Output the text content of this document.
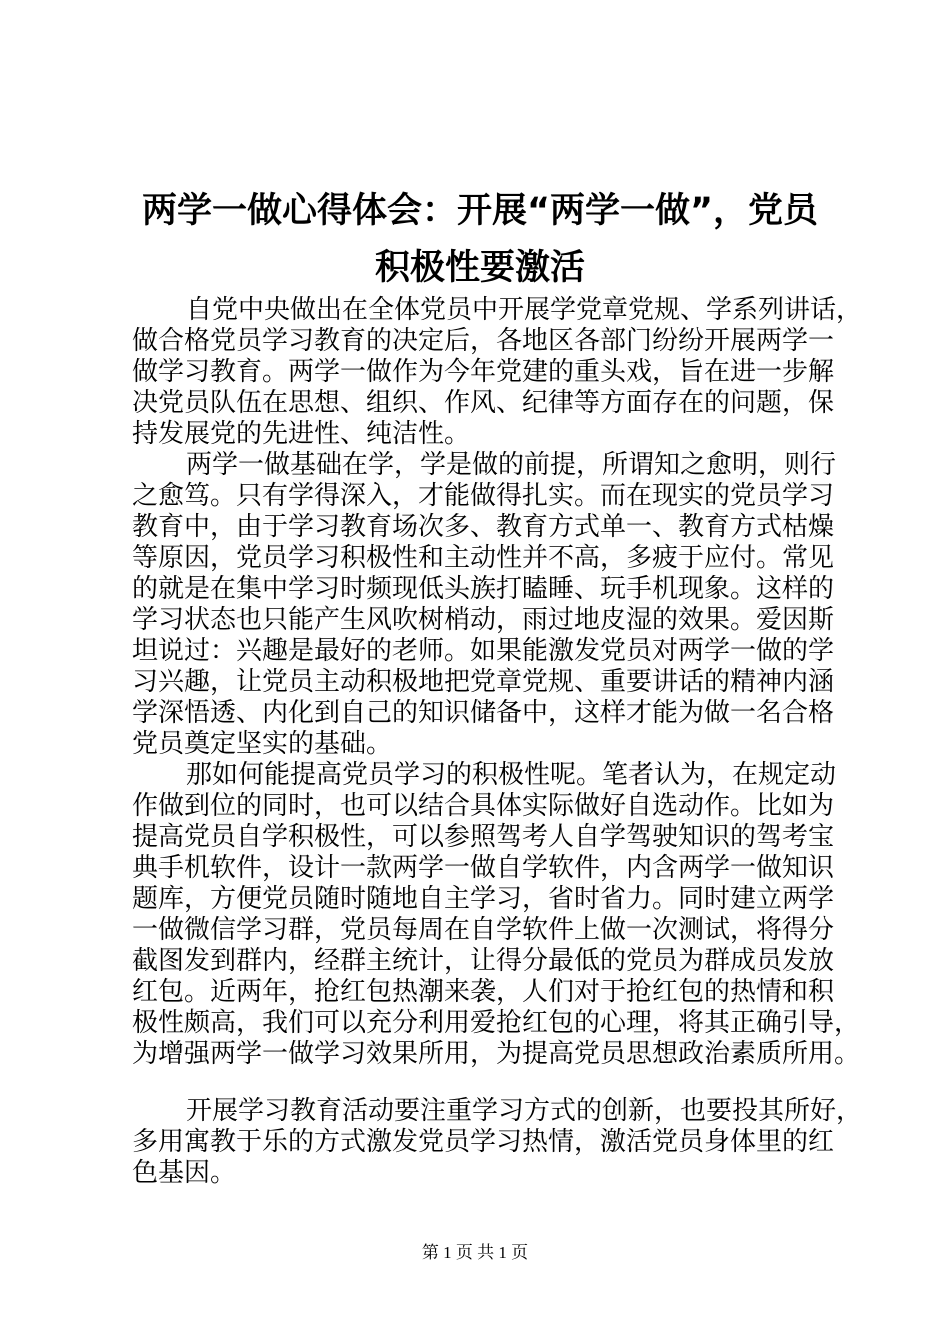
两学一做心得体会：开展“两学一做”，党员
积极性要激活

自党中央做出在全体党员中开展学党章党规、学系列讲话，
做合格党员学习教育的决定后，各地区各部门纷纷开展两学一
做学习教育。两学一做作为今年党建的重头戏，旨在进一步解
决党员队伍在思想、组织、作风、纪律等方面存在的问题，保
持发展党的先进性、纯洁性。

两学一做基础在学，学是做的前提，所谓知之愈明，则行
之愈笃。只有学得深入，才能做得扎实。而在现实的党员学习
教育中，由于学习教育场次多、教育方式单一、教育方式枯燥
等原因，党员学习积极性和主动性并不高，多疲于应付。常见
的就是在集中学习时频现低头族打瞌睡、玩手机现象。这样的
学习状态也只能产生风吹树梢动，雨过地皮湿的效果。爱因斯
坦说过：兴趣是最好的老师。如果能激发党员对两学一做的学
习兴趣，让党员主动积极地把党章党规、重要讲话的精神内涵
学深悟透、内化到自己的知识储备中，这样才能为做一名合格
党员奠定坚实的基础。

那如何能提高党员学习的积极性呢。笔者认为，在规定动
作做到位的同时，也可以结合具体实际做好自选动作。比如为
提高党员自学积极性，可以参照驾考人自学驾驶知识的驾考宝
典手机软件，设计一款两学一做自学软件，内含两学一做知识
题库，方便党员随时随地自主学习，省时省力。同时建立两学
一做微信学习群，党员每周在自学软件上做一次测试，将得分
截图发到群内，经群主统计，让得分最低的党员为群成员发放
红包。近两年，抢红包热潮来袭，人们对于抢红包的热情和积
极性颇高，我们可以充分利用爱抢红包的心理，将其正确引导，
为增强两学一做学习效果所用，为提高党员思想政治素质所用。

开展学习教育活动要注重学习方式的创新，也要投其所好，
多用寓教于乐的方式激发党员学习热情，激活党员身体里的红
色基因。

第 1 页 共 1 页
